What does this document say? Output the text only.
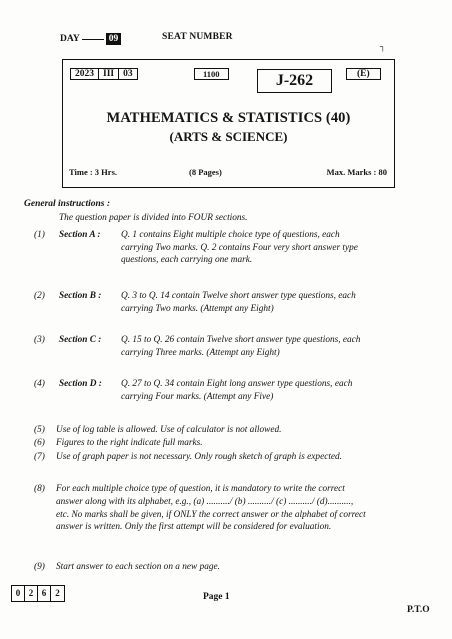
DAY	09	SEAT NUMBER
┐
2023 III 03	1100	J-262	(E)
MATHEMATICS & STATISTICS (40)
(ARTS & SCIENCE)
Time : 3 Hrs.	(8 Pages)	Max. Marks : 80
General instructions :
The question paper is divided into FOUR sections.
(1) Section A : Q. 1 contains Eight multiple choice type of questions, each carrying Two marks. Q. 2 contains Four very short answer type questions, each carrying one mark.
(2) Section B : Q. 3 to Q. 14 contain Twelve short answer type questions, each carrying Two marks. (Attempt any Eight)
(3) Section C : Q. 15 to Q. 26 contain Twelve short answer type questions, each carrying Three marks. (Attempt any Eight)
(4) Section D : Q. 27 to Q. 34 contain Eight long answer type questions, each carrying Four marks. (Attempt any Five)
(5) Use of log table is allowed. Use of calculator is not allowed.
(6) Figures to the right indicate full marks.
(7) Use of graph paper is not necessary. Only rough sketch of graph is expected.
(8) For each multiple choice type of question, it is mandatory to write the correct answer along with its alphabet, e.g., (a) ........../ (b) ........../ (c) ........../ (d).........., etc. No marks shall be given, if ONLY the correct answer or the alphabet of correct answer is written. Only the first attempt will be considered for evaluation.
(9) Start answer to each section on a new page.
0 2 6	2	Page 1
P.T.O
